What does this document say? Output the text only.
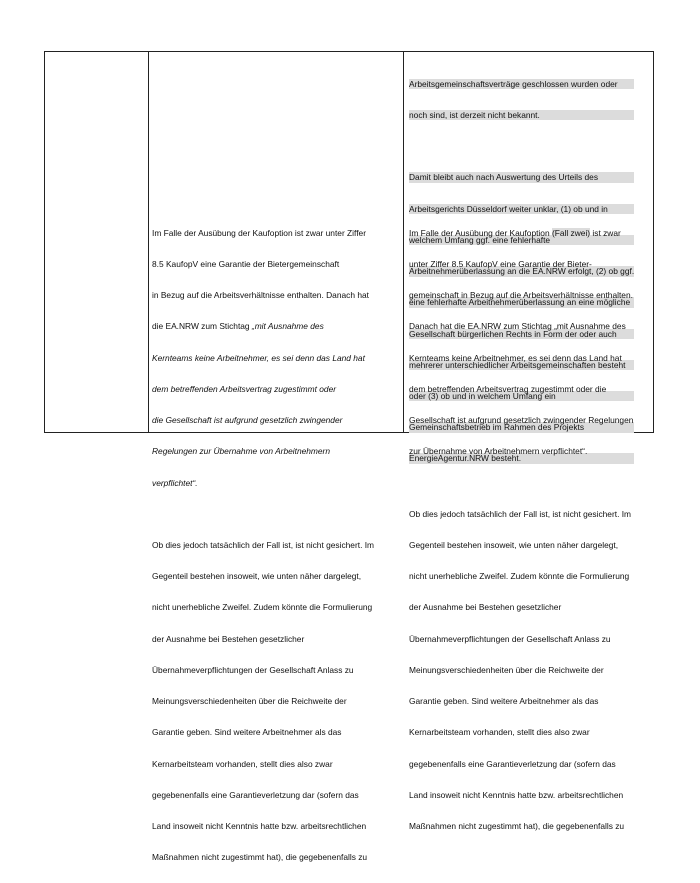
Arbeitsgemeinschaftsverträge geschlossen wurden oder

noch sind, ist derzeit nicht bekannt.

Damit bleibt auch nach Auswertung des Urteils des

Arbeitsgerichts Düsseldorf weiter unklar, (1) ob und in

welchem Umfang ggf. eine fehlerhafte

Arbeitnehmerüberlassung an die EA.NRW erfolgt, (2) ob ggf.

eine fehlerhafte Arbeitnehmerüberlassung an eine mögliche

Gesellschaft bürgerlichen Rechts in Form der oder auch

mehrerer unterschiedlicher Arbeitsgemeinschaften besteht

oder (3) ob und in welchem Umfang ein

Gemeinschaftsbetrieb im Rahmen des Projekts

EnergieAgentur.NRW besteht.

Im Falle der Ausübung der Kaufoption ist zwar unter Ziffer

8.5 KaufopV eine Garantie der Bietergemeinschaft

in Bezug auf die Arbeitsverhältnisse enthalten. Danach hat

die EA.NRW zum Stichtag „mit Ausnahme des

Kernteams keine Arbeitnehmer, es sei denn das Land hat

dem betreffenden Arbeitsvertrag zugestimmt oder

die Gesellschaft ist aufgrund gesetzlich zwingender

Regelungen zur Übernahme von Arbeitnehmern

verpflichtet“.

Ob dies jedoch tatsächlich der Fall ist, ist nicht gesichert. Im

Gegenteil bestehen insoweit, wie unten näher dargelegt,

nicht unerhebliche Zweifel. Zudem könnte die Formulierung

der Ausnahme bei Bestehen gesetzlicher

Übernahmeverpflichtungen der Gesellschaft Anlass zu

Meinungsverschiedenheiten über die Reichweite der

Garantie geben. Sind weitere Arbeitnehmer als das

Kernarbeitsteam vorhanden, stellt dies also zwar

gegebenenfalls eine Garantieverletzung dar (sofern das

Land insoweit nicht Kenntnis hatte bzw. arbeitsrechtlichen

Maßnahmen nicht zugestimmt hat), die gegebenenfalls zu

Im Falle der Ausübung der Kaufoption (Fall zwei) ist zwar

unter Ziffer 8.5 KaufopV eine Garantie der Bieter-

gemeinschaft in Bezug auf die Arbeitsverhältnisse enthalten.

Danach hat die EA.NRW zum Stichtag „mit Ausnahme des

Kernteams keine Arbeitnehmer, es sei denn das Land hat

dem betreffenden Arbeitsvertrag zugestimmt oder die

Gesellschaft ist aufgrund gesetzlich zwingender Regelungen

zur Übernahme von Arbeitnehmern verpflichtet“.

Ob dies jedoch tatsächlich der Fall ist, ist nicht gesichert. Im

Gegenteil bestehen insoweit, wie unten näher dargelegt,

nicht unerhebliche Zweifel. Zudem könnte die Formulierung

der Ausnahme bei Bestehen gesetzlicher

Übernahmeverpflichtungen der Gesellschaft Anlass zu

Meinungsverschiedenheiten über die Reichweite der

Garantie geben. Sind weitere Arbeitnehmer als das

Kernarbeitsteam vorhanden, stellt dies also zwar

gegebenenfalls eine Garantieverletzung dar (sofern das

Land insoweit nicht Kenntnis hatte bzw. arbeitsrechtlichen

Maßnahmen nicht zugestimmt hat), die gegebenenfalls zu
